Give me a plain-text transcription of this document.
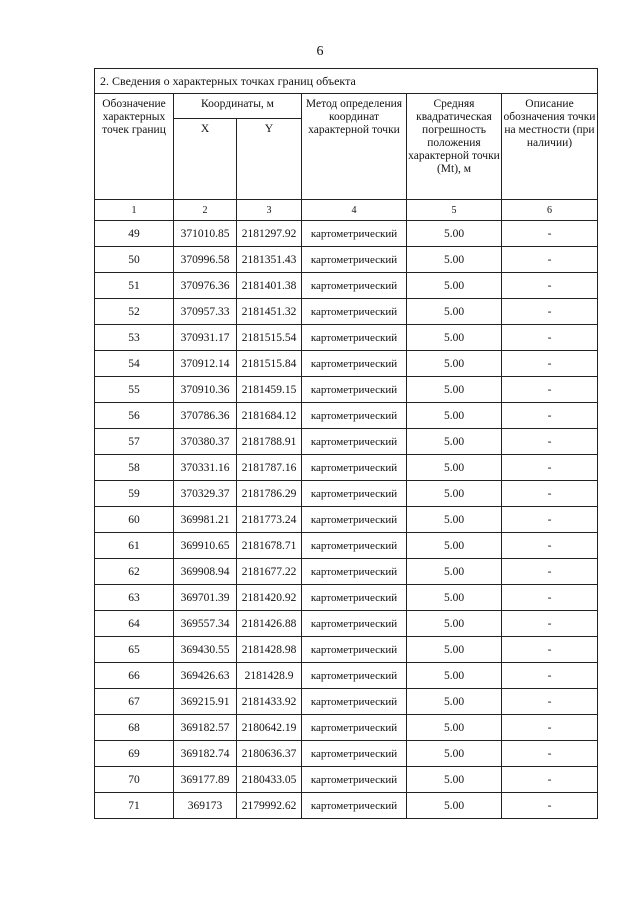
6
2. Сведения о характерных точках границ объекта					
Обозначение характерных точек границ	Координаты, м		Метод определения координат характерной точки	Средняя квадратическая погрешность положения характерной точки (Mt), м	Описание обозначения точки на местности (при наличии)
	X	Y			
1	2	3	4	5	6
49	371010.85	2181297.92	картометрический	5.00	-
50	370996.58	2181351.43	картометрический	5.00	-
51	370976.36	2181401.38	картометрический	5.00	-
52	370957.33	2181451.32	картометрический	5.00	-
53	370931.17	2181515.54	картометрический	5.00	-
54	370912.14	2181515.84	картометрический	5.00	-
55	370910.36	2181459.15	картометрический	5.00	-
56	370786.36	2181684.12	картометрический	5.00	-
57	370380.37	2181788.91	картометрический	5.00	-
58	370331.16	2181787.16	картометрический	5.00	-
59	370329.37	2181786.29	картометрический	5.00	-
60	369981.21	2181773.24	картометрический	5.00	-
61	369910.65	2181678.71	картометрический	5.00	-
62	369908.94	2181677.22	картометрический	5.00	-
63	369701.39	2181420.92	картометрический	5.00	-
64	369557.34	2181426.88	картометрический	5.00	-
65	369430.55	2181428.98	картометрический	5.00	-
66	369426.63	2181428.9	картометрический	5.00	-
67	369215.91	2181433.92	картометрический	5.00	-
68	369182.57	2180642.19	картометрический	5.00	-
69	369182.74	2180636.37	картометрический	5.00	-
70	369177.89	2180433.05	картометрический	5.00	-
71	369173	2179992.62	картометрический	5.00	-
